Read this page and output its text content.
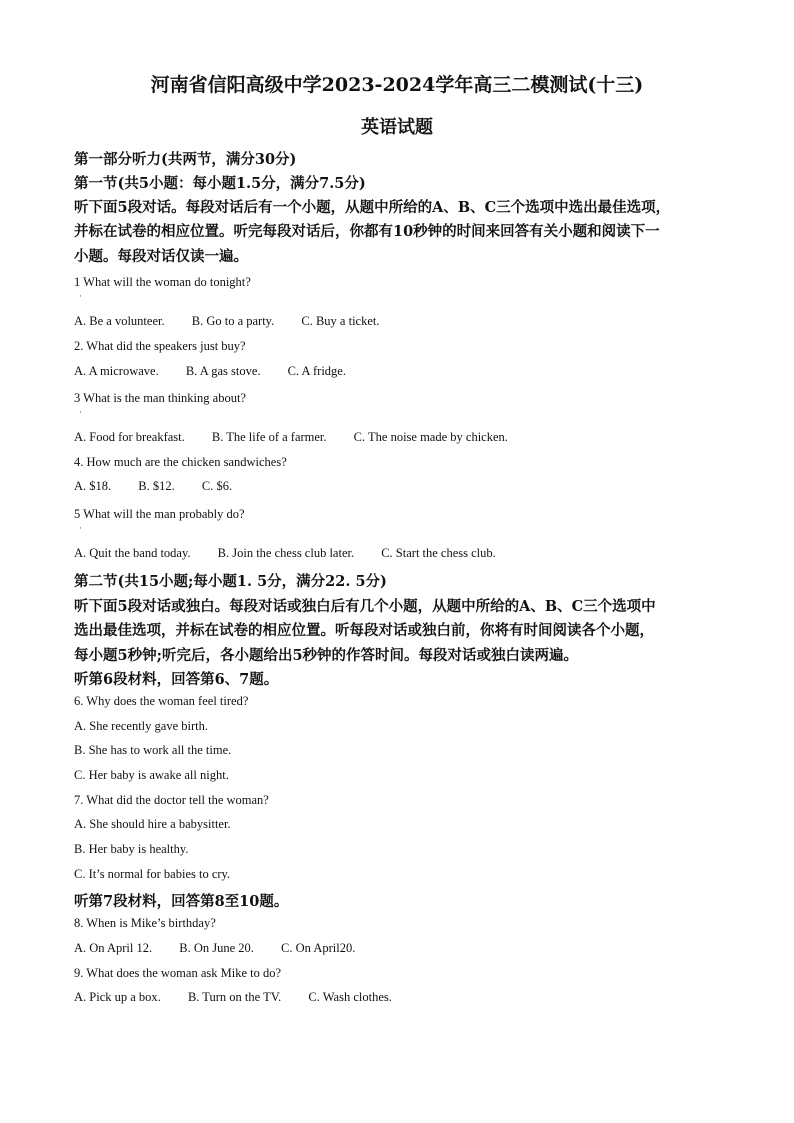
河南省信阳高级中学2023-2024学年高三二模测试(十三)
英语试题
第一部分听力(共两节，满分30分)
第一节(共5小题：每小题1.5分，满分7.5分)
听下面5段对话。每段对话后有一个小题，从题中所给的A、B、C三个选项中选出最佳选项，
并标在试卷的相应位置。听完每段对话后，你都有10秒钟的时间来回答有关小题和阅读下一
小题。每段对话仅读一遍。
1 What will the woman do tonight?
·
A. Be a volunteer. B. Go to a party. C. Buy a ticket.
2. What did the speakers just buy?
A. A microwave. B. A gas stove. C. A fridge.
3 What is the man thinking about?
·
A. Food for breakfast. B. The life of a farmer. C. The noise made by chicken.
4. How much are the chicken sandwiches?
A. $18. B. $12. C. $6.
5 What will the man probably do?
·
A. Quit the band today. B. Join the chess club later. C. Start the chess club.
第二节(共15小题;每小题1. 5分，满分22. 5分)
听下面5段对话或独白。每段对话或独白后有几个小题，从题中所给的A、B、C三个选项中
选出最佳选项，并标在试卷的相应位置。听每段对话或独白前，你将有时间阅读各个小题，
每小题5秒钟;听完后，各小题给出5秒钟的作答时间。每段对话或独白读两遍。
听第6段材料，回答第6、7题。
6. Why does the woman feel tired?
A. She recently gave birth.
B. She has to work all the time.
C. Her baby is awake all night.
7. What did the doctor tell the woman?
A. She should hire a babysitter.
B. Her baby is healthy.
C. It’s normal for babies to cry.
听第7段材料，回答第8至10题。
8. When is Mike’s birthday?
A. On April 12. B. On June 20. C. On April20.
9. What does the woman ask Mike to do?
A. Pick up a box. B. Turn on the TV. C. Wash clothes.
